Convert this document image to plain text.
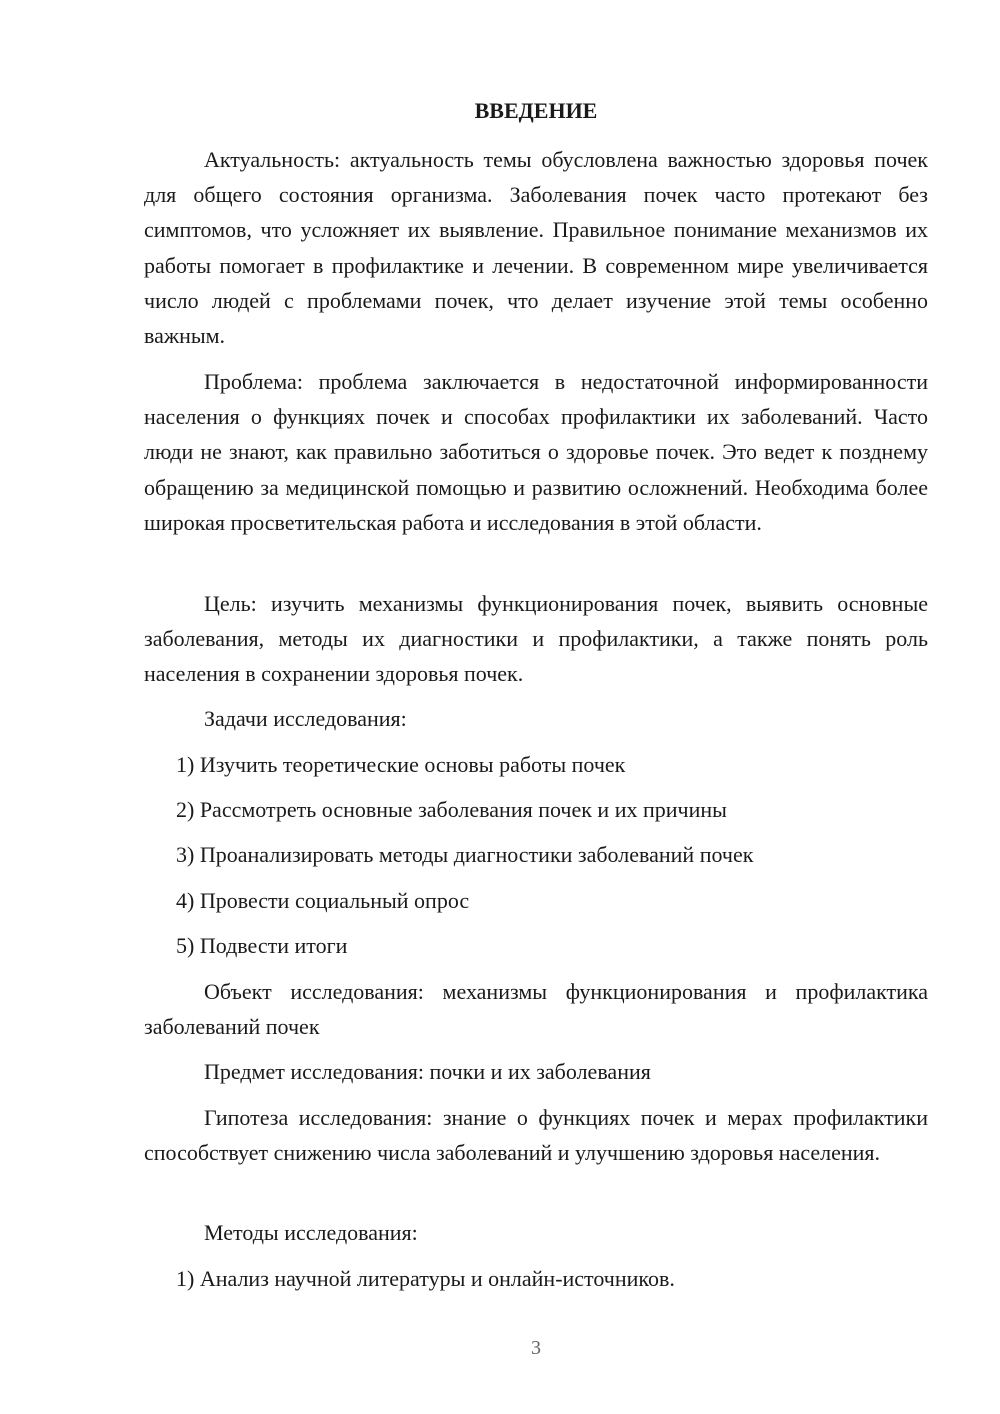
ВВЕДЕНИЕ

Актуальность: актуальность темы обусловлена важностью здоровья почек для общего состояния организма. Заболевания почек часто протекают без симптомов, что усложняет их выявление. Правильное понимание механизмов их работы помогает в профилактике и лечении. В современном мире увеличивается число людей с проблемами почек, что делает изучение этой темы особенно важным.

Проблема: проблема заключается в недостаточной информированности населения о функциях почек и способах профилактики их заболеваний. Часто люди не знают, как правильно заботиться о здоровье почек. Это ведет к позднему обращению за медицинской помощью и развитию осложнений. Необходима более широкая просветительская работа и исследования в этой области.

Цель: изучить механизмы функционирования почек, выявить основные заболевания, методы их диагностики и профилактики, а также понять роль населения в сохранении здоровья почек.

Задачи исследования:

1) Изучить теоретические основы работы почек

2) Рассмотреть основные заболевания почек и их причины

3) Проанализировать методы диагностики заболеваний почек

4) Провести социальный опрос

5) Подвести итоги

Объект исследования: механизмы функционирования и профилактика заболеваний почек

Предмет исследования: почки и их заболевания

Гипотеза исследования: знание о функциях почек и мерах профилактики способствует снижению числа заболеваний и улучшению здоровья населения.

Методы исследования:

1) Анализ научной литературы и онлайн-источников.

3
